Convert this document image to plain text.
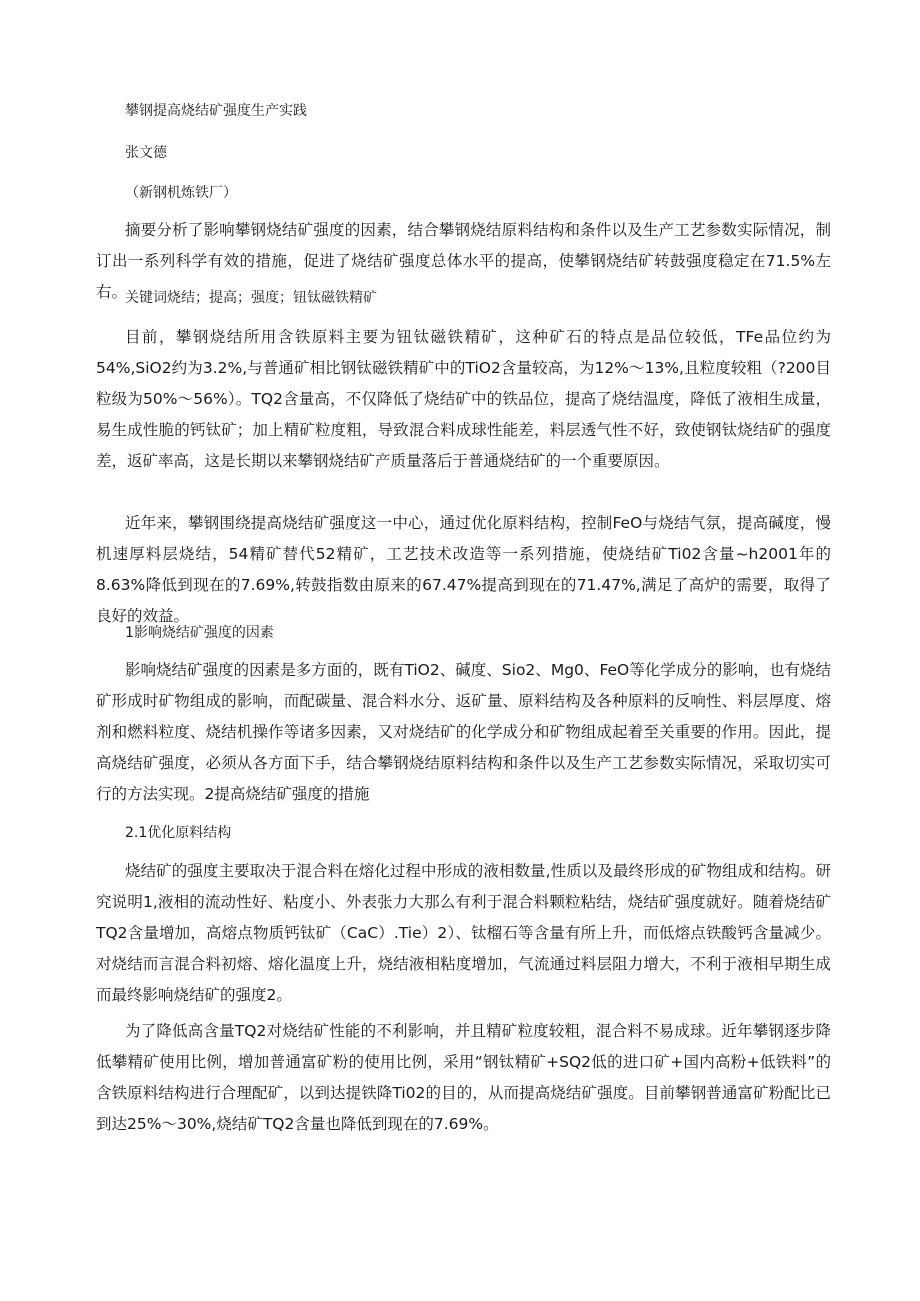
攀钢提高烧结矿强度生产实践
张文德
（新钢机炼铁厂）

摘要分析了影响攀钢烧结矿强度的因素，结合攀钢烧结原料结构和条件以及生产工艺参数实际情况，制订出一系列科学有效的措施，促进了烧结矿强度总体水平的提高，使攀钢烧结矿转鼓强度稳定在71.5%左右。

关键词烧结；提高；强度；钮钛磁铁精矿

目前，攀钢烧结所用含铁原料主要为钮钛磁铁精矿，这种矿石的特点是品位较低，TFe品位约为54%,SiO2约为3.2%,与普通矿相比钢钛磁铁精矿中的TiO2含量较高，为12%～13%,且粒度较粗（?200目粒级为50%～56%）。TQ2含量高，不仅降低了烧结矿中的铁品位，提高了烧结温度，降低了液相生成量，易生成性脆的钙钛矿；加上精矿粒度粗，导致混合料成球性能差，料层透气性不好，致使钢钛烧结矿的强度差，返矿率高，这是长期以来攀钢烧结矿产质量落后于普通烧结矿的一个重要原因。

近年来，攀钢围绕提高烧结矿强度这一中心，通过优化原料结构，控制FeO与烧结气氛，提高碱度，慢机速厚料层烧结，54精矿替代52精矿，工艺技术改造等一系列措施，使烧结矿Ti02含量~h2001年的8.63%降低到现在的7.69%,转鼓指数由原来的67.47%提高到现在的71.47%,满足了高炉的需要，取得了良好的效益。

1影响烧结矿强度的因素

影响烧结矿强度的因素是多方面的，既有TiO2、碱度、Sio2、Mg0、FeO等化学成分的影响，也有烧结矿形成时矿物组成的影响，而配碳量、混合料水分、返矿量、原料结构及各种原料的反响性、料层厚度、熔剂和燃料粒度、烧结机操作等诸多因素，又对烧结矿的化学成分和矿物组成起着至关重要的作用。因此，提高烧结矿强度，必须从各方面下手，结合攀钢烧结原料结构和条件以及生产工艺参数实际情况，采取切实可行的方法实现。2提高烧结矿强度的措施

2.1优化原料结构

烧结矿的强度主要取决于混合料在熔化过程中形成的液相数量,性质以及最终形成的矿物组成和结构。研究说明1,液相的流动性好、粘度小、外表张力大那么有利于混合料颗粒粘结，烧结矿强度就好。随着烧结矿TQ2含量增加，高熔点物质钙钛矿（CaC）.Tie）2）、钛榴石等含量有所上升，而低熔点铁酸钙含量减少。对烧结而言混合料初熔、熔化温度上升，烧结液相粘度增加，气流通过料层阻力增大，不利于液相早期生成而最终影响烧结矿的强度2。

为了降低高含量TQ2对烧结矿性能的不利影响，并且精矿粒度较粗，混合料不易成球。近年攀钢逐步降低攀精矿使用比例，增加普通富矿粉的使用比例，采用“钢钛精矿+SQ2低的进口矿+国内高粉+低铁料”的含铁原料结构进行合理配矿，以到达提铁降Ti02的目的，从而提高烧结矿强度。目前攀钢普通富矿粉配比已到达25%～30%,烧结矿TQ2含量也降低到现在的7.69%。
